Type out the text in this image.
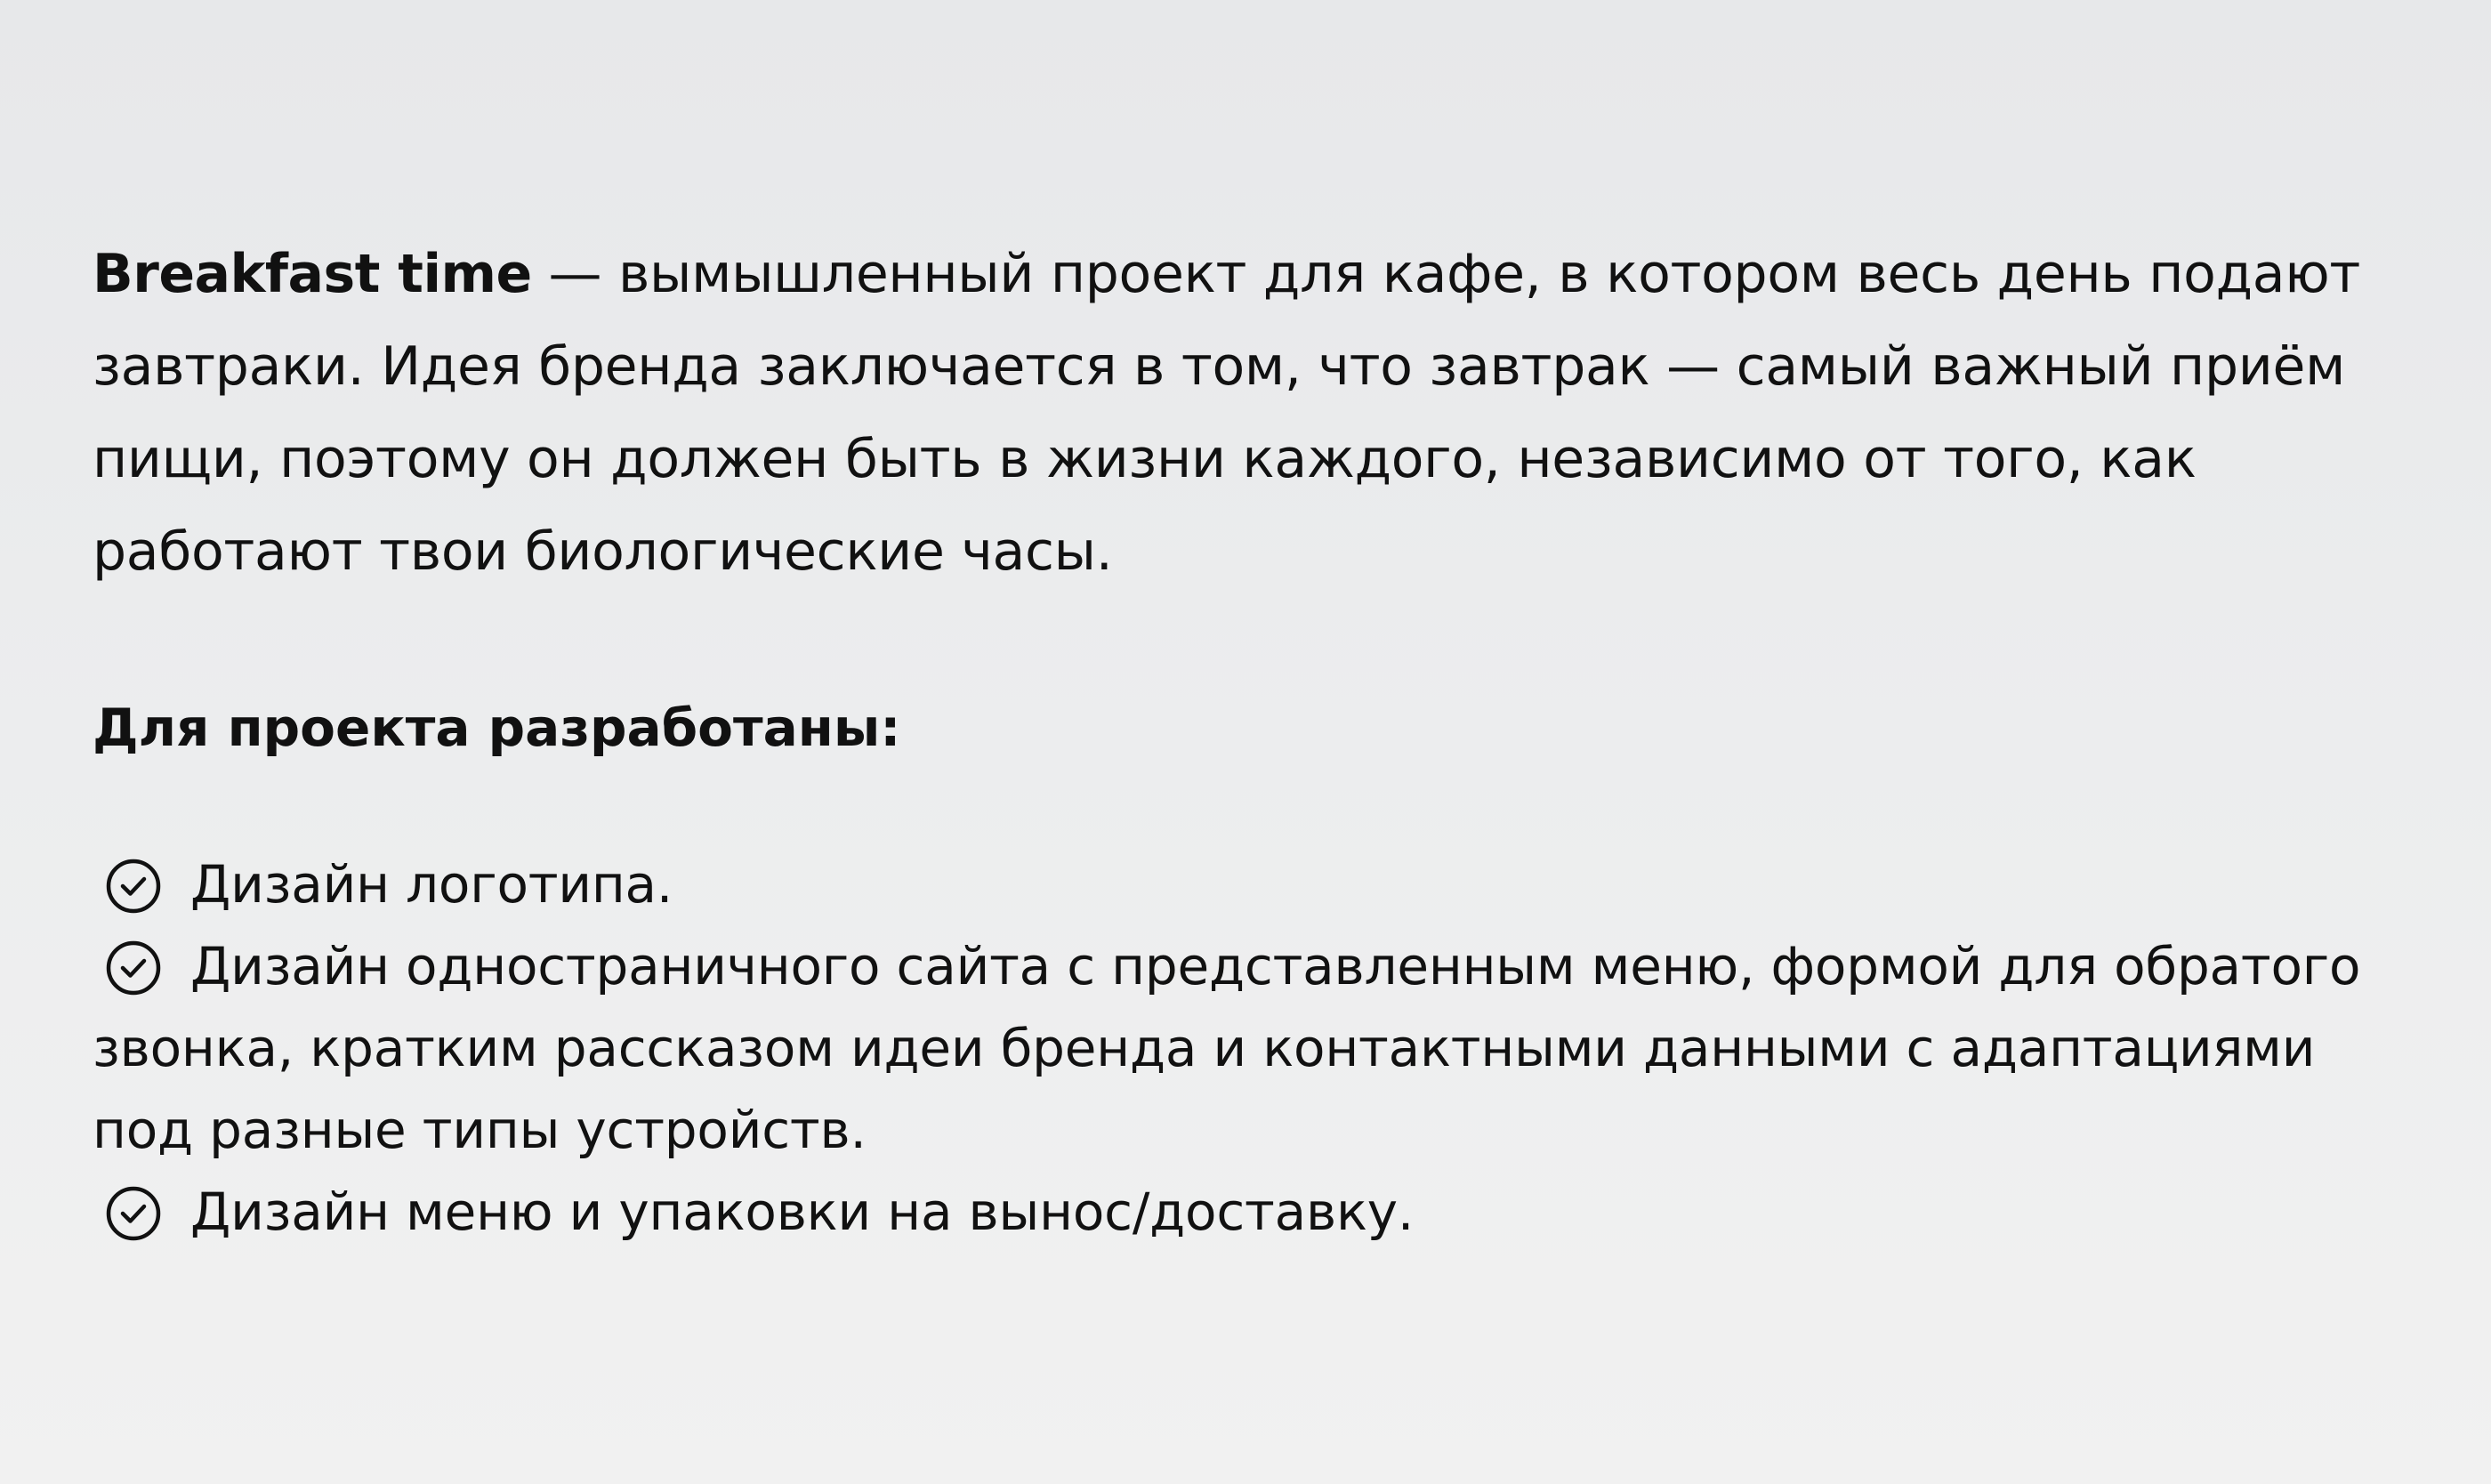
Breakfast time — вымышленный проект для кафе, в котором весь день подают завтраки. Идея бренда заключается в том, что завтрак — самый важный приём пищи, поэтому он должен быть в жизни каждого, независимо от того, как работают твои биологические часы.

Для проекта разработаны:
Дизайн логотипа.
Дизайн одностраничного сайта с представленным меню, формой для обратого звонка, кратким рассказом идеи бренда и контактными данными с адаптациями под разные типы устройств.
Дизайн меню и упаковки на вынос/доставку.
